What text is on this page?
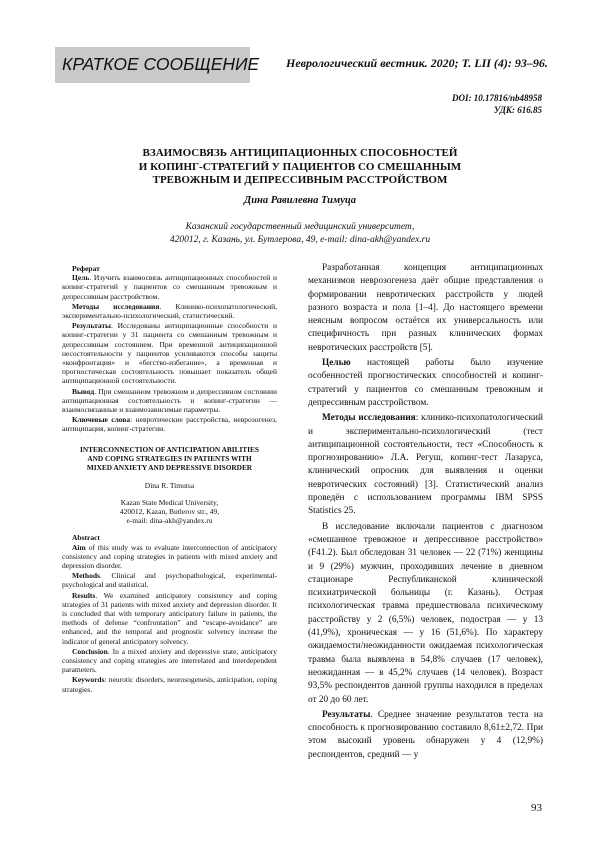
КРАТКОЕ СООБЩЕНИЕ Неврологический вестник. 2020; Т. LII (4): 93–96.
DOI: 10.17816/nb48958
УДК: 616.85
ВЗАИМОСВЯЗЬ АНТИЦИПАЦИОННЫХ СПОСОБНОСТЕЙ
И КОПИНГ-СТРАТЕГИЙ У ПАЦИЕНТОВ СО СМЕШАННЫМ
ТРЕВОЖНЫМ И ДЕПРЕССИВНЫМ РАССТРОЙСТВОМ
Дина Равилевна Тимуца
Казанский государственный медицинский университет,
420012, г. Казань, ул. Бутлерова, 49, e-mail: dina-akh@yandex.ru
Реферат

Цель. Изучить взаимосвязь антиципационных способностей и копинг-стратегий у пациентов со смешанным тревожным и депрессивным расстройством.

Методы исследования. Клинико-психопатологический, экспериментально-психологический, статистический.

Результаты. Исследованы антиципационные способности и копинг-стратегии у 31 пациента со смешанным тревожным и депрессивным состоянием. При временной антиципационной несостоятельности у пациентов усиливаются способы защиты «конфронтация» и «бегство-избегание», а временная и прогностическая состоятельность повышает показатель общей антиципационной состоятельности.

Вывод. При смешанном тревожном и депрессивном состоянии антиципационная состоятельность и копинг-стратегии — взаимосвязанные и взаимозависимые параметры.

Ключевые слова: невротические расстройства, неврозогенез, антиципация, копинг-стратегии.

INTERCONNECTION OF ANTICIPATION ABILITIES
AND COPING STRATEGIES IN PATIENTS WITH
MIXED ANXIETY AND DEPRESSIVE DISORDER
Dina R. Timutsa
Kazan State Medical University,
420012, Kazan, Butlerov str., 49,
e-mail: dina-akh@yandex.ru
Abstract

Aim of this study was to evaluate interconnection of anticipatory consistency and coping strategies in patients with mixed anxiety and depression disorder.

Methods. Clinical and psychopathological, experimental-psychological and statistical.

Results. We examined anticipatory consistency and coping strategies of 31 patients with mixed anxiety and depression disorder. It is concluded that with temporary anticipatory failure in patients, the methods of defense “confrontation” and “escape-avoidance” are enhanced, and the temporal and prognostic solvency increase the indicator of general anticipatory solvency.

Conclusion. In a mixed anxiety and depressive state, anticipatory consistency and coping strategies are interrelated and interdependent parameters.

Keywords: neurotic disorders, neurosogenesis, anticipation, coping strategies.

Разработанная концепция антиципационных механизмов неврозогенеза даёт общие представления о формировании невротических расстройств у людей разного возраста и пола [1–4]. До настоящего времени неясным вопросом остаётся их универсальность или специфичность при разных клинических формах невротических расстройств [5].

Целью настоящей работы было изучение особенностей прогностических способностей и копинг-стратегий у пациентов со смешанным тревожным и депрессивным расстройством.

Методы исследования: клинико-психопатологический и экспериментально-психологический (тест антиципационной состоятельности, тест «Способность к прогнозированию» Л.А. Регуш, копинг-тест Лазаруса, клинический опросник для выявления и оценки невротических состояний) [3]. Статистический анализ проведён с использованием программы IBM SPSS Statistics 25.

В исследование включали пациентов с диагнозом «смешанное тревожное и депрессивное расстройство» (F41.2). Был обследован 31 человек — 22 (71%) женщины и 9 (29%) мужчин, проходивших лечение в дневном стационаре Республиканской клинической психиатрической больницы (г. Казань). Острая психологическая травма предшествовала психическому расстройству у 2 (6,5%) человек, подострая — у 13 (41,9%), хроническая — у 16 (51,6%). По характеру ожидаемости/неожиданности ожидаемая психологическая травма была выявлена в 54,8% случаев (17 человек), неожиданная — в 45,2% случаев (14 человек). Возраст 93,5% респондентов данной группы находился в пределах от 20 до 60 лет.

Результаты. Среднее значение результатов теста на способность к прогнозированию составило 8,61±2,72. При этом высокий уровень обнаружен у 4 (12,9%) респондентов, средний — у

93
